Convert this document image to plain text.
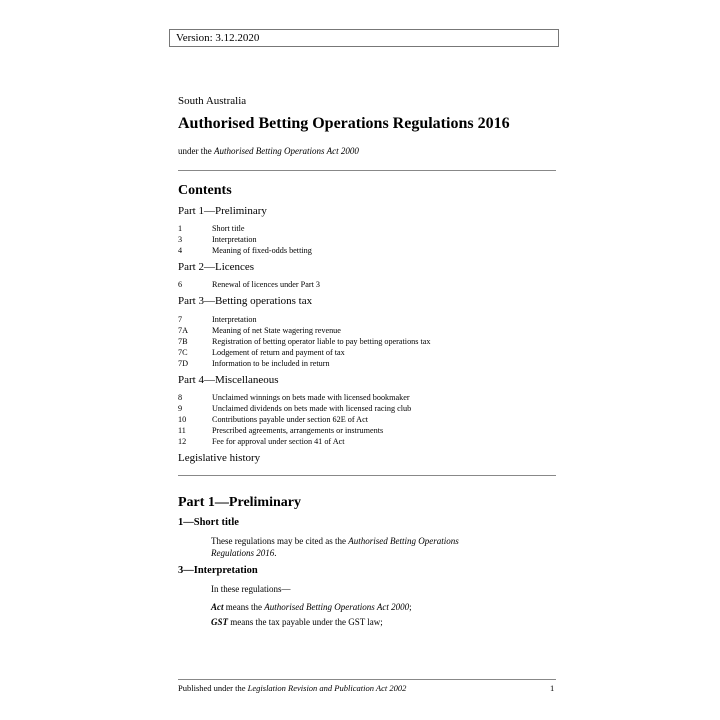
Version: 3.12.2020
South Australia
Authorised Betting Operations Regulations 2016
under the Authorised Betting Operations Act 2000
Contents
Part 1—Preliminary
1	Short title
3	Interpretation
4	Meaning of fixed-odds betting
Part 2—Licences
6	Renewal of licences under Part 3
Part 3—Betting operations tax
7	Interpretation
7A	Meaning of net State wagering revenue
7B	Registration of betting operator liable to pay betting operations tax
7C	Lodgement of return and payment of tax
7D	Information to be included in return
Part 4—Miscellaneous
8	Unclaimed winnings on bets made with licensed bookmaker
9	Unclaimed dividends on bets made with licensed racing club
10	Contributions payable under section 62E of Act
11	Prescribed agreements, arrangements or instruments
12	Fee for approval under section 41 of Act
Legislative history
Part 1—Preliminary
1—Short title
These regulations may be cited as the Authorised Betting Operations
Regulations 2016.
3—Interpretation
In these regulations—
Act means the Authorised Betting Operations Act 2000;
GST means the tax payable under the GST law;
Published under the Legislation Revision and Publication Act 2002	1
